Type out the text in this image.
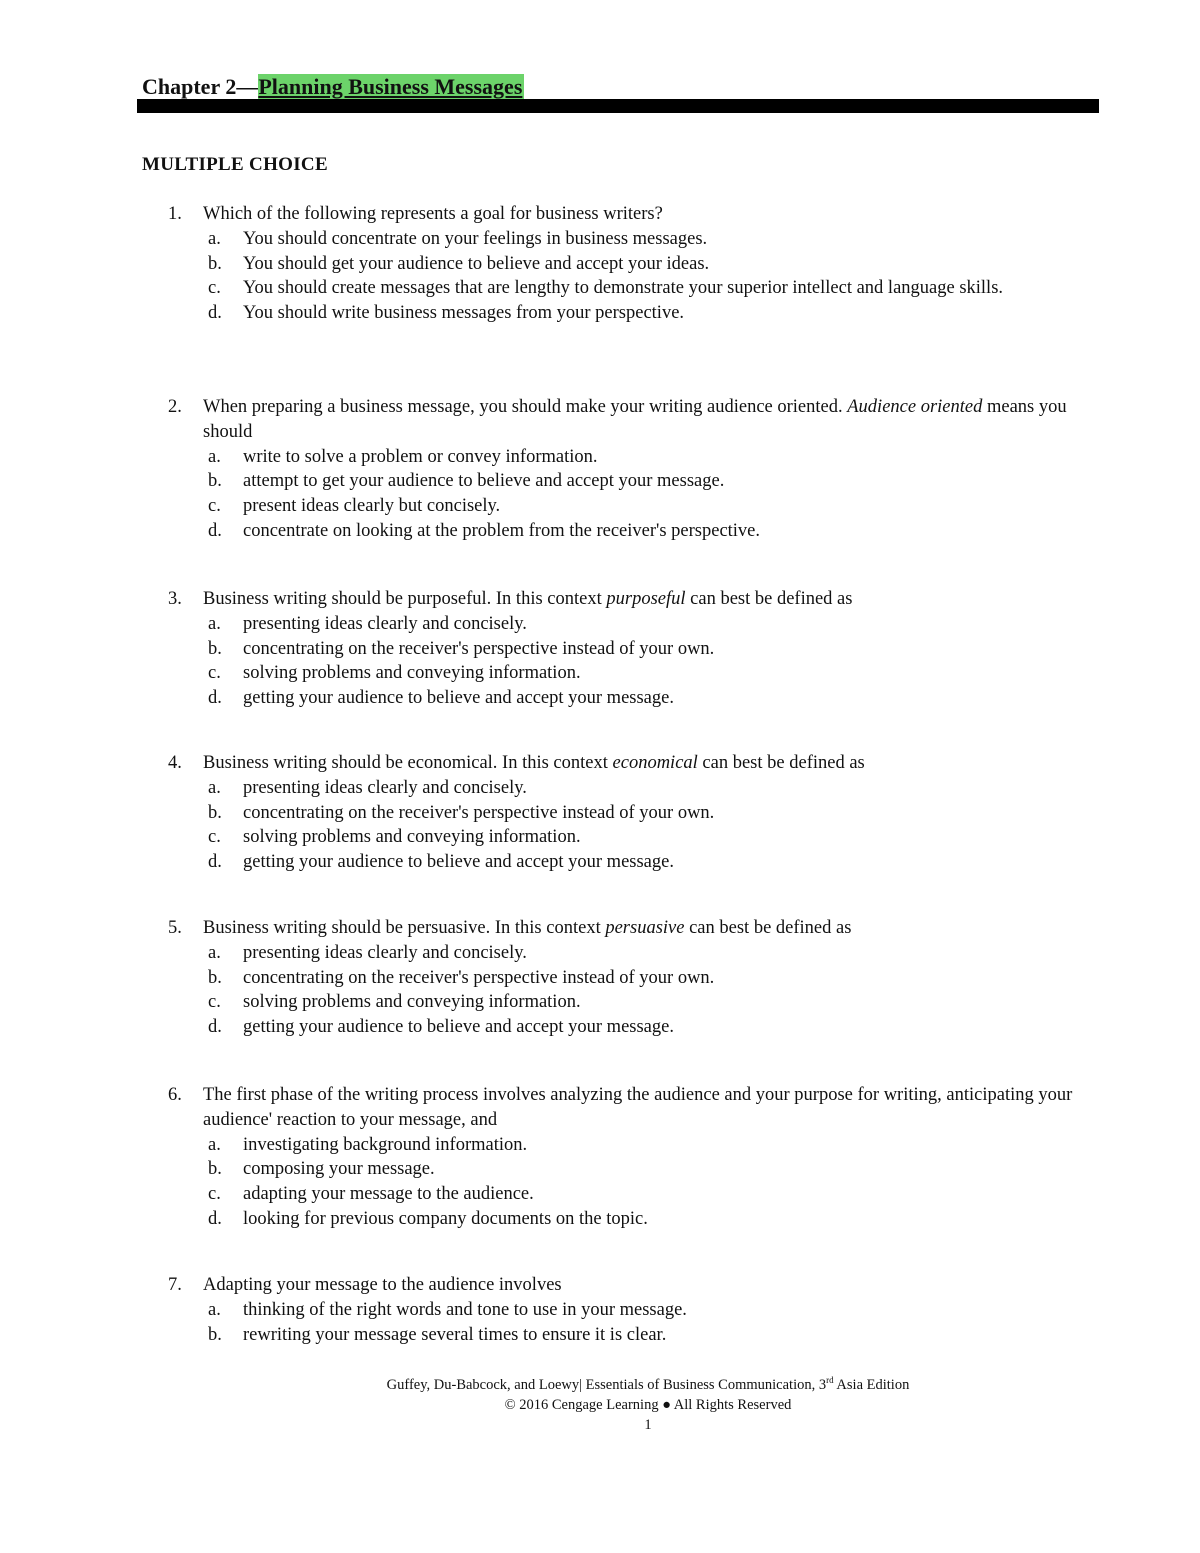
Chapter 2—Planning Business Messages
MULTIPLE CHOICE
1. Which of the following represents a goal for business writers?
a. You should concentrate on your feelings in business messages.
b. You should get your audience to believe and accept your ideas.
c. You should create messages that are lengthy to demonstrate your superior intellect and language skills.
d. You should write business messages from your perspective.
2. When preparing a business message, you should make your writing audience oriented. Audience oriented means you should
a. write to solve a problem or convey information.
b. attempt to get your audience to believe and accept your message.
c. present ideas clearly but concisely.
d. concentrate on looking at the problem from the receiver's perspective.
3. Business writing should be purposeful. In this context purposeful can best be defined as
a. presenting ideas clearly and concisely.
b. concentrating on the receiver's perspective instead of your own.
c. solving problems and conveying information.
d. getting your audience to believe and accept your message.
4. Business writing should be economical. In this context economical can best be defined as
a. presenting ideas clearly and concisely.
b. concentrating on the receiver's perspective instead of your own.
c. solving problems and conveying information.
d. getting your audience to believe and accept your message.
5. Business writing should be persuasive. In this context persuasive can best be defined as
a. presenting ideas clearly and concisely.
b. concentrating on the receiver's perspective instead of your own.
c. solving problems and conveying information.
d. getting your audience to believe and accept your message.
6. The first phase of the writing process involves analyzing the audience and your purpose for writing, anticipating your audience' reaction to your message, and
a. investigating background information.
b. composing your message.
c. adapting your message to the audience.
d. looking for previous company documents on the topic.
7. Adapting your message to the audience involves
a. thinking of the right words and tone to use in your message.
b. rewriting your message several times to ensure it is clear.
Guffey, Du-Babcock, and Loewy| Essentials of Business Communication, 3rd Asia Edition
© 2016 Cengage Learning ● All Rights Reserved
1
